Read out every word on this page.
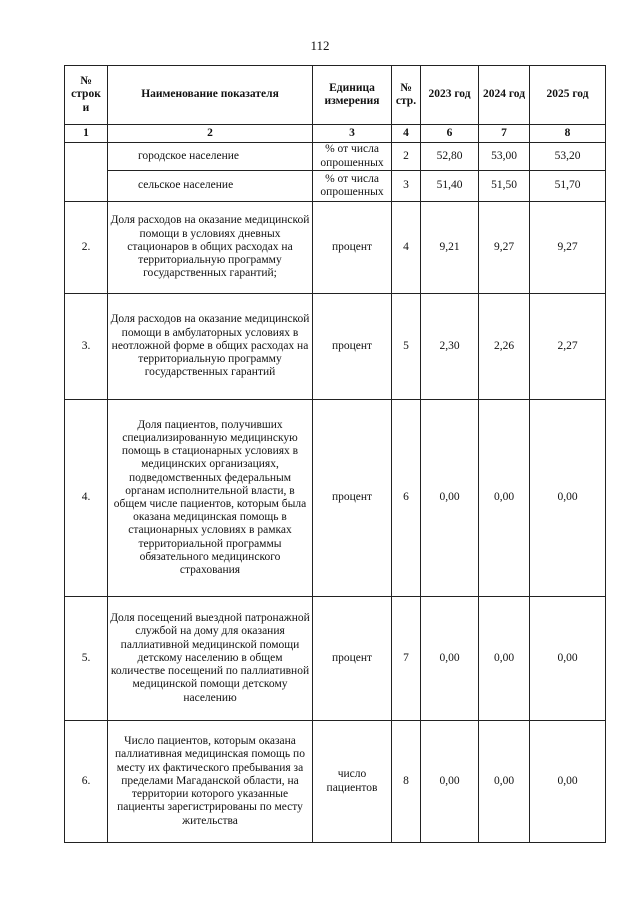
112
№ строк и	Наименование показателя	Единица измерения	№ стр.	2023 год	2024 год	2025 год
1	2	3	4	6	7	8
	городское население	% от числа опрошенных	2	52,80	53,00	53,20
	сельское население	% от числа опрошенных	3	51,40	51,50	51,70
2.	Доля расходов на оказание медицинской помощи в условиях дневных стационаров в общих расходах на территориальную программу государственных гарантий;	процент	4	9,21	9,27	9,27
3.	Доля расходов на оказание медицинской помощи в амбулаторных условиях в неотложной форме в общих расходах на территориальную программу государственных гарантий	процент	5	2,30	2,26	2,27
4.	Доля пациентов, получивших специализированную медицинскую помощь в стационарных условиях в медицинских организациях, подведомственных федеральным органам исполнительной власти, в общем числе пациентов, которым была оказана медицинская помощь в стационарных условиях в рамках территориальной программы обязательного медицинского страхования	процент	6	0,00	0,00	0,00
5.	Доля посещений выездной патронажной службой на дому для оказания паллиативной медицинской помощи детскому населению в общем количестве посещений по паллиативной медицинской помощи детскому населению	процент	7	0,00	0,00	0,00
6.	Число пациентов, которым оказана паллиативная медицинская помощь по месту их фактического пребывания за пределами Магаданской области, на территории которого указанные пациенты зарегистрированы по месту жительства	число пациентов	8	0,00	0,00	0,00
